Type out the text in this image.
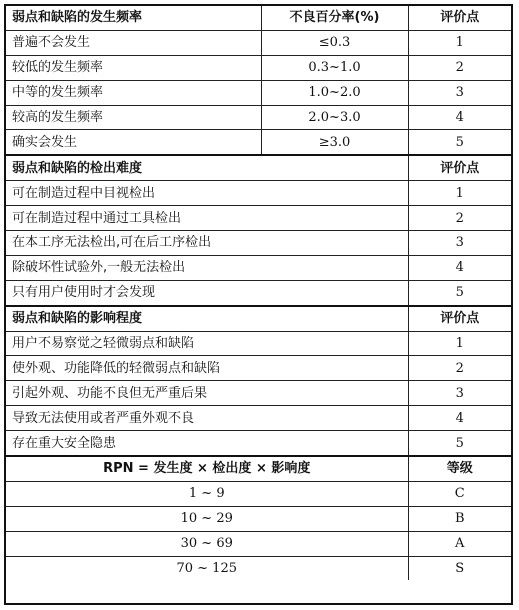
弱点和缺陷的发生频率	不良百分率(%)	评价点
普遍不会发生	≤0.3	1
较低的发生频率	0.3~1.0	2
中等的发生频率	1.0~2.0	3
较高的发生频率	2.0~3.0	4
确实会发生	≥3.0	5
弱点和缺陷的检出难度		评价点
可在制造过程中目视检出		1
可在制造过程中通过工具检出		2
在本工序无法检出,可在后工序检出		3
除破坏性试验外,一般无法检出		4
只有用户使用时才会发现		5
弱点和缺陷的影响程度		评价点
用户不易察觉之轻微弱点和缺陷		1
使外观、功能降低的轻微弱点和缺陷		2
引起外观、功能不良但无严重后果		3
导致无法使用或者严重外观不良		4
存在重大安全隐患		5
RPN = 发生度 × 检出度 × 影响度		等级
1 ~ 9		C
10 ~ 29		B
30 ~ 69		A
70 ~ 125		S
